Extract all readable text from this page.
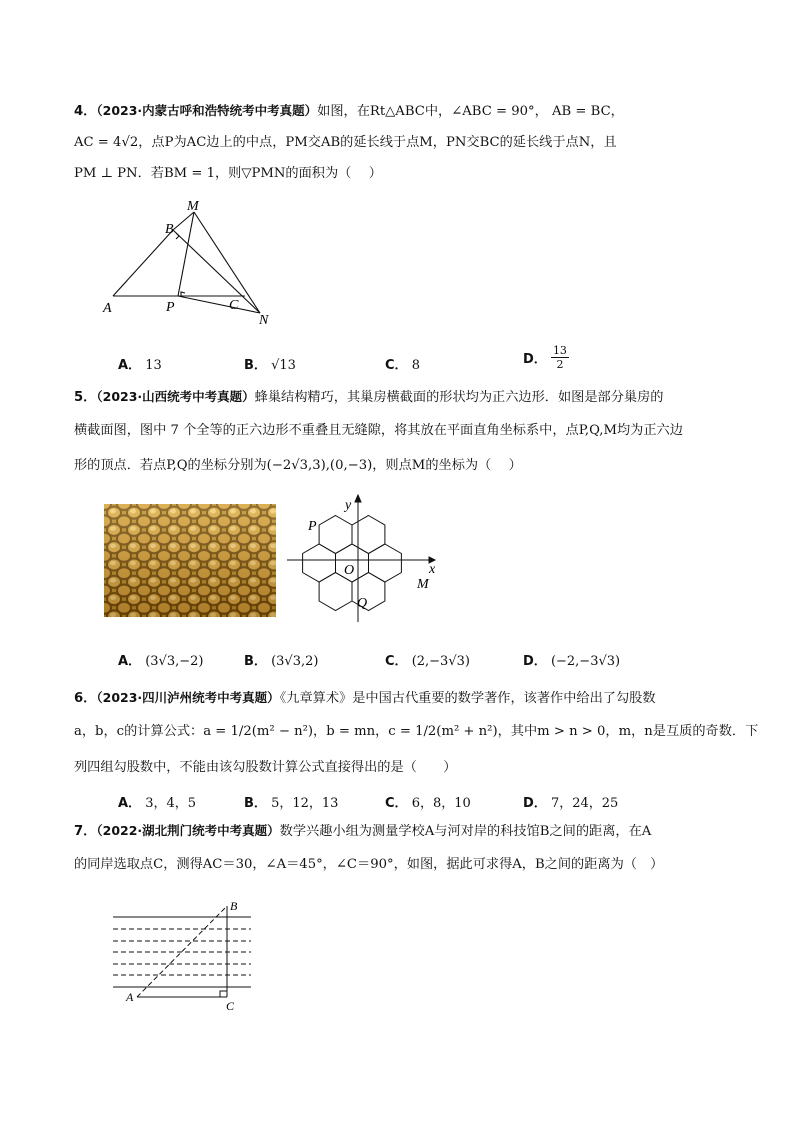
4．（2023·内蒙古呼和浩特统考中考真题）如图，在Rt△ABC中，∠ABC = 90°， AB = BC，
AC = 4√2，点P为AC边上的中点，PM交AB的延长线于点M，PN交BC的延长线于点N，且
PM ⊥ PN．若BM = 1，则▽PMN的面积为（　 ）
A
B
C
M
N
P
A． 13	B． √13	C． 8	D． $\frac{13}{2}$
5．（2023·山西统考中考真题）蜂巢结构精巧，其巢房横截面的形状均为正六边形．如图是部分巢房的
横截面图，图中 7 个全等的正六边形不重叠且无缝隙，将其放在平面直角坐标系中，点P,Q,M均为正六边
形的顶点．若点P,Q的坐标分别为(−2√3,3),(0,−3)，则点M的坐标为（　 ）
x
y
O
P
Q
M
A． (3√3,−2)	B． (3√3,2)	C． (2,−3√3)	D． (−2,−3√3)
6．（2023·四川泸州统考中考真题）《九章算术》是中国古代重要的数学著作，该著作中给出了勾股数
a，b，c的计算公式：a = 1/2(m² − n²)，b = mn，c = 1/2(m² + n²)，其中m > n > 0，m，n是互质的奇数．下
列四组勾股数中，不能由该勾股数计算公式直接得出的是（　　）
A． 3，4，5	B． 5，12，13	C． 6，8，10	D． 7，24，25
7．（2022·湖北荆门统考中考真题）数学兴趣小组为测量学校A与河对岸的科技馆B之间的距离，在A
的同岸选取点C，测得AC＝30，∠A＝45°，∠C＝90°，如图，据此可求得A，B之间的距离为（　）
A
B
C
